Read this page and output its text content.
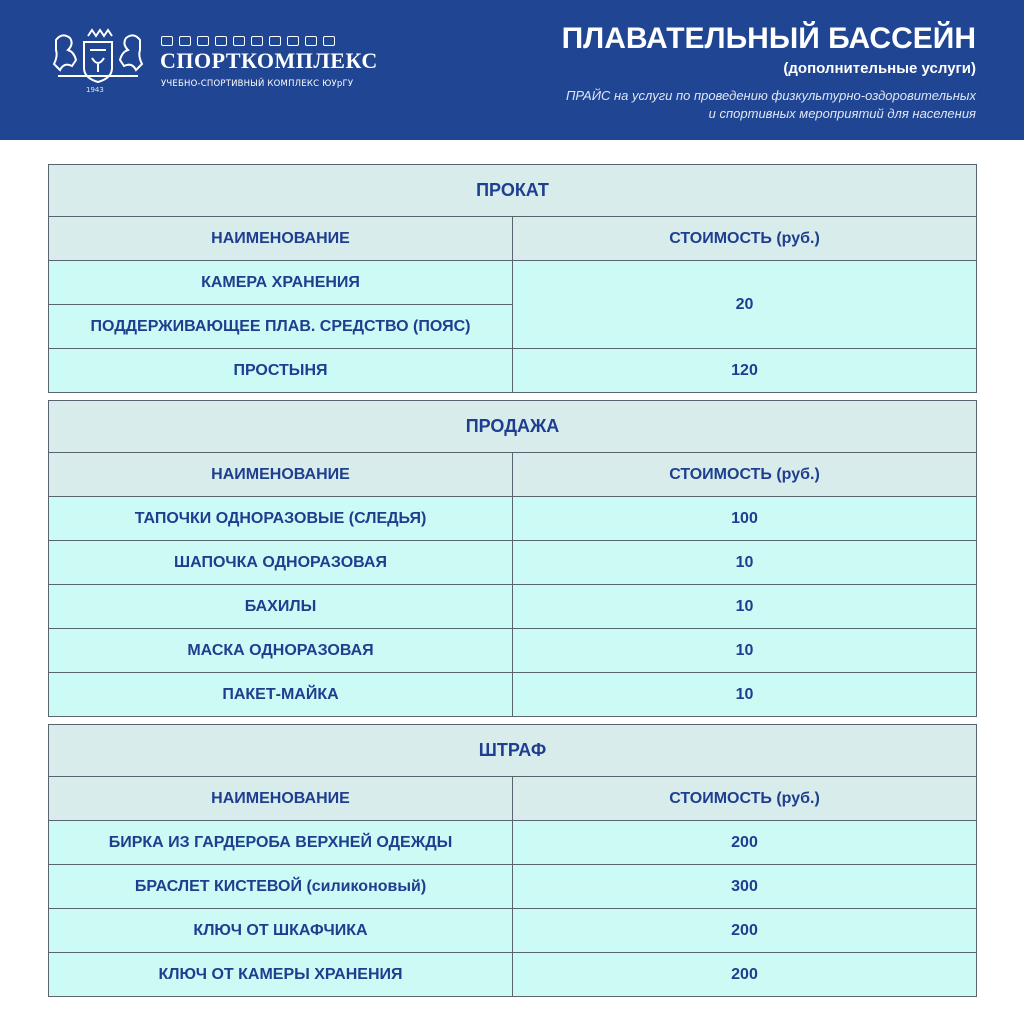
1943
СПОРТКОМПЛЕКС
УЧЕБНО-СПОРТИВНЫЙ КОМПЛЕКС ЮУрГУ
ПЛАВАТЕЛЬНЫЙ БАССЕЙН
(дополнительные услуги)
ПРАЙС на услуги по проведению физкультурно-оздоровительных
и спортивных мероприятий для населения
ПРОКАТ	
НАИМЕНОВАНИЕ	СТОИМОСТЬ (руб.)
КАМЕРА ХРАНЕНИЯ	20
ПОДДЕРЖИВАЮЩЕЕ ПЛАВ. СРЕДСТВО (ПОЯС)	
ПРОСТЫНЯ	120
ПРОДАЖА	
НАИМЕНОВАНИЕ	СТОИМОСТЬ (руб.)
ТАПОЧКИ ОДНОРАЗОВЫЕ (СЛЕДЬЯ)	100
ШАПОЧКА ОДНОРАЗОВАЯ	10
БАХИЛЫ	10
МАСКА ОДНОРАЗОВАЯ	10
ПАКЕТ-МАЙКА	10
ШТРАФ	
НАИМЕНОВАНИЕ	СТОИМОСТЬ (руб.)
БИРКА ИЗ ГАРДЕРОБА ВЕРХНЕЙ ОДЕЖДЫ	200
БРАСЛЕТ КИСТЕВОЙ (силиконовый)	300
КЛЮЧ ОТ ШКАФЧИКА	200
КЛЮЧ ОТ КАМЕРЫ ХРАНЕНИЯ	200
